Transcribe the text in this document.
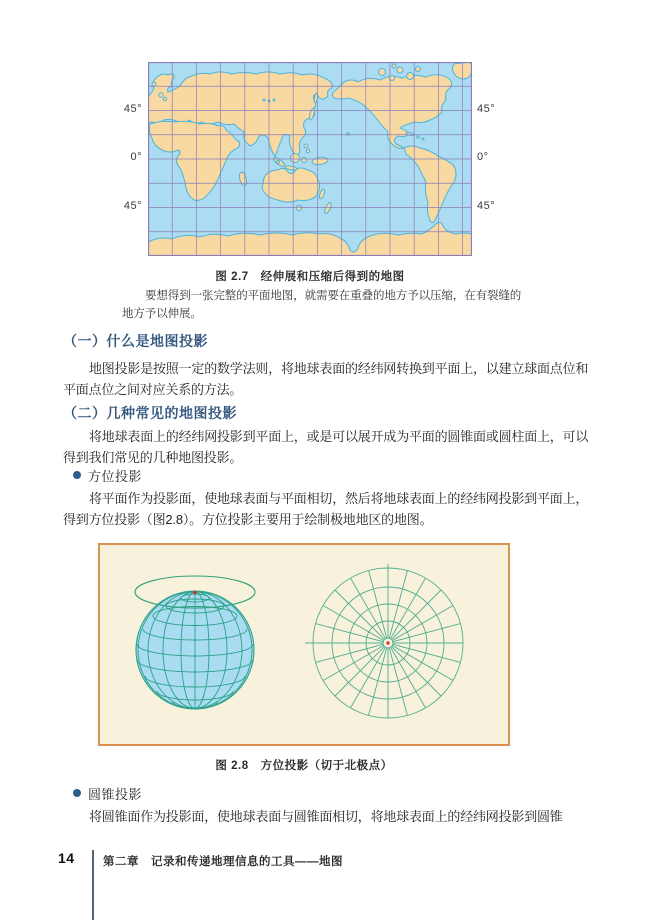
45°
0°
45°
45°
0°
45°
图 2.7　经伸展和压缩后得到的地图
要想得到一张完整的平面地图，就需要在重叠的地方予以压缩，在有裂缝的
地方予以伸展。
（一）什么是地图投影
地图投影是按照一定的数学法则，将地球表面的经纬网转换到平面上，以建立球面点位和
平面点位之间对应关系的方法。
（二）几种常见的地图投影
将地球表面上的经纬网投影到平面上，或是可以展开成为平面的圆锥面或圆柱面上，可以
得到我们常见的几种地图投影。
方位投影
将平面作为投影面，使地球表面与平面相切，然后将地球表面上的经纬网投影到平面上，
得到方位投影（图2.8）。方位投影主要用于绘制极地地区的地图。
图 2.8　方位投影（切于北极点）
圆锥投影
将圆锥面作为投影面，使地球表面与圆锥面相切，将地球表面上的经纬网投影到圆锥
14	第二章　记录和传递地理信息的工具——地图
